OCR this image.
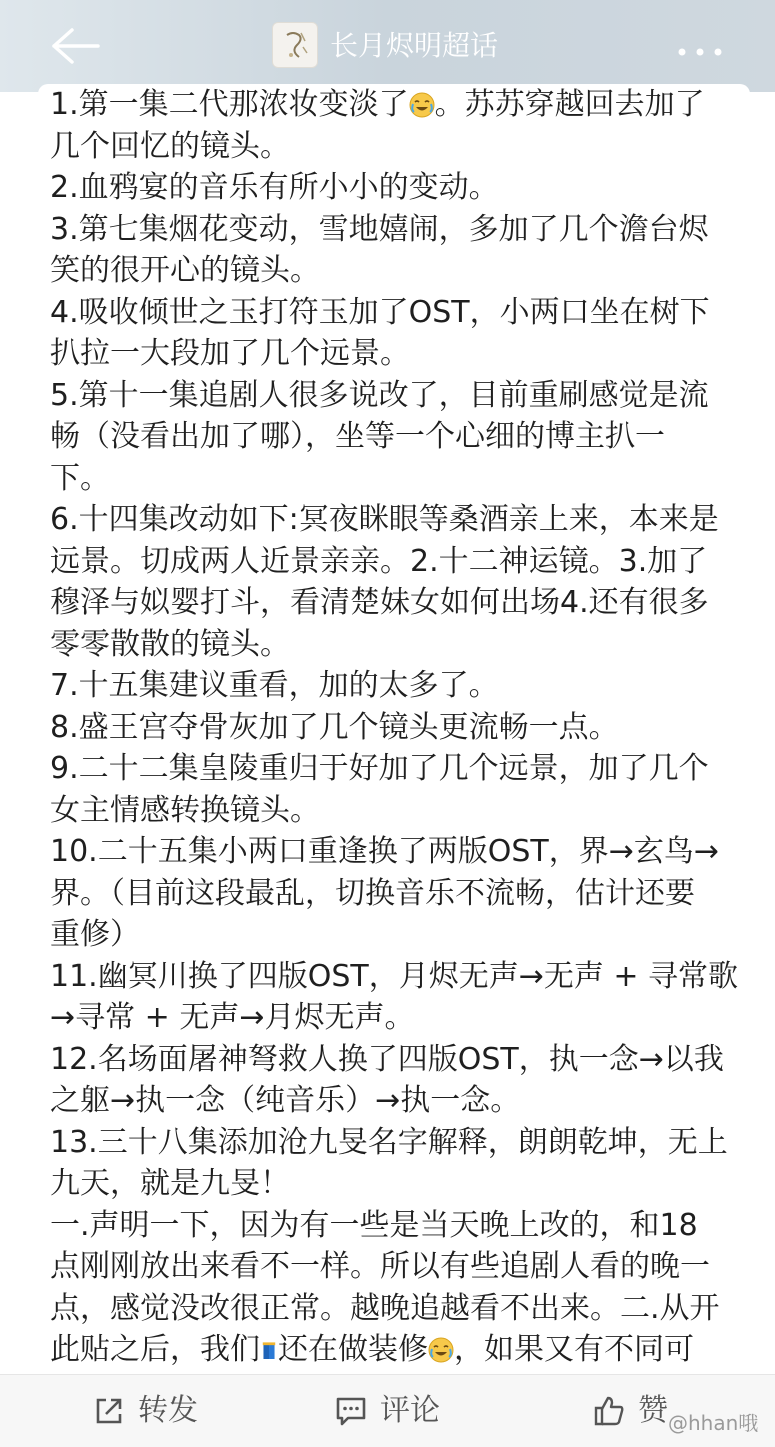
长月烬明超话
1.第一集二代那浓妆变淡了 。苏苏穿越回去加了
几个回忆的镜头。
2.血鸦宴的音乐有所小小的变动。
3.第七集烟花变动，雪地嬉闹，多加了几个澹台烬
笑的很开心的镜头。
4.吸收倾世之玉打符玉加了OST，小两口坐在树下
扒拉一大段加了几个远景。
5.第十一集追剧人很多说改了，目前重刷感觉是流
畅（没看出加了哪），坐等一个心细的博主扒一
下。
6.十四集改动如下:冥夜眯眼等桑酒亲上来，本来是
远景。切成两人近景亲亲。2.十二神运镜。3.加了
穆泽与姒婴打斗，看清楚妹女如何出场4.还有很多
零零散散的镜头。
7.十五集建议重看，加的太多了。
8.盛王宫夺骨灰加了几个镜头更流畅一点。
9.二十二集皇陵重归于好加了几个远景，加了几个
女主情感转换镜头。
10.二十五集小两口重逢换了两版OST，界→玄鸟→
界。（目前这段最乱，切换音乐不流畅，估计还要
重修）
11.幽冥川换了四版OST，月烬无声→无声 + 寻常歌
→寻常 + 无声→月烬无声。
12.名场面屠神弩救人换了四版OST，执一念→以我
之躯→执一念（纯音乐）→执一念。
13.三十八集添加沧九旻名字解释，朗朗乾坤，无上
九天，就是九旻！
一.声明一下，因为有一些是当天晚上改的，和18
点刚刚放出来看不一样。所以有些追剧人看的晚一
点，感觉没改很正常。越晚追越看不出来。二.从开
此贴之后，我们 还在做装修 ，如果又有不同可
转发	评论	赞 @hhan哦
